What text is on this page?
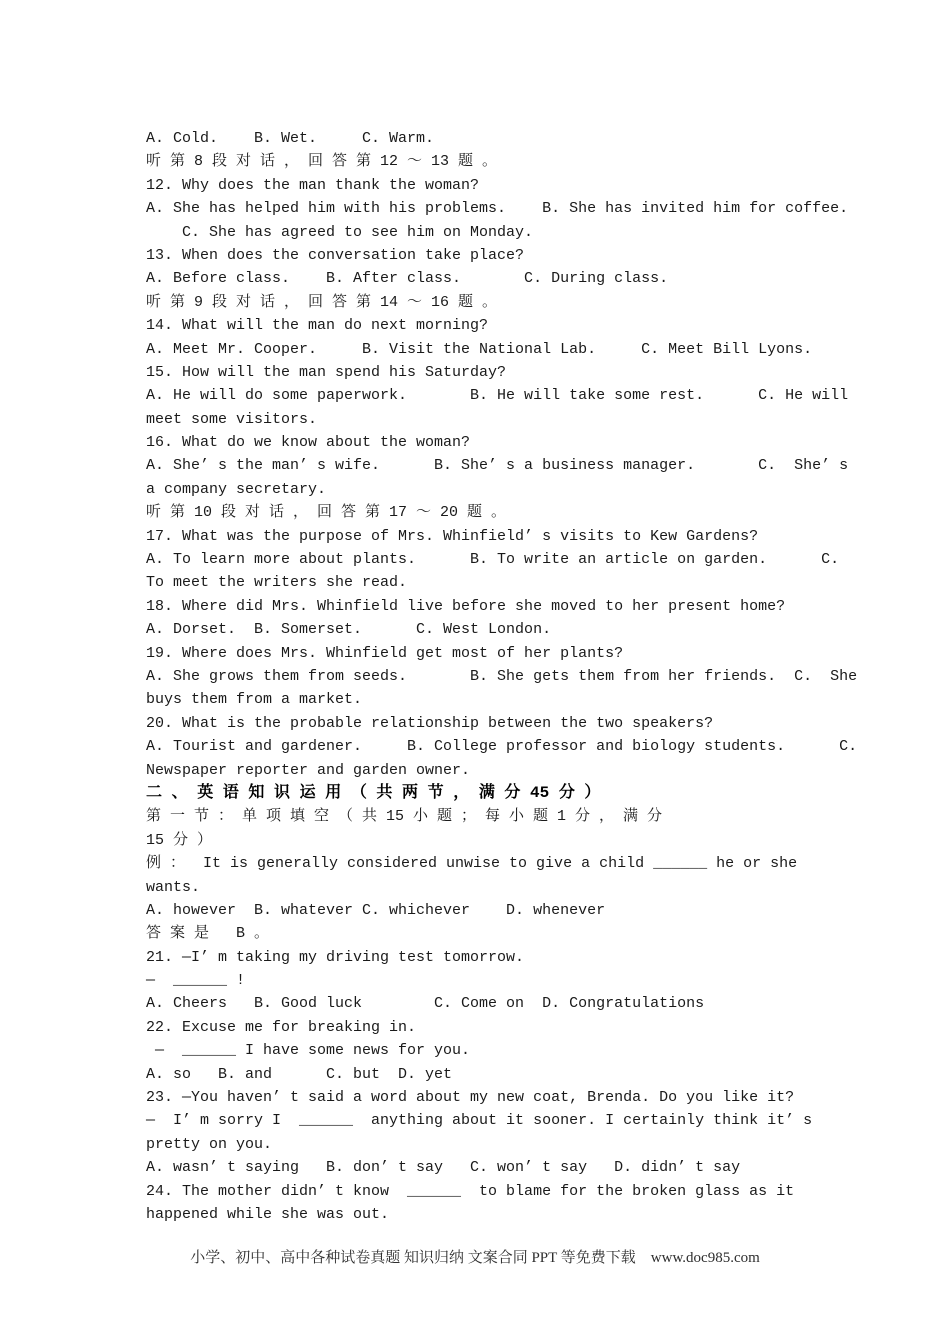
A. Cold.    B. Wet.     C. Warm.
听 第 8 段 对 话 ， 回 答 第 12 ～ 13 题 。
12. Why does the man thank the woman?
A. She has helped him with his problems.    B. She has invited him for coffee.
C. She has agreed to see him on Monday.
13. When does the conversation take place?
A. Before class.    B. After class.       C. During class.
听 第 9 段 对 话 ， 回 答 第 14 ～ 16 题 。
14. What will the man do next morning?
A. Meet Mr. Cooper.     B. Visit the National Lab.     C. Meet Bill Lyons.
15. How will the man spend his Saturday?
A. He will do some paperwork.       B. He will take some rest.      C. He will
meet some visitors.
16. What do we know about the woman?
A. She’ s the man’ s wife.      B. She’ s a business manager.       C.  She’ s
a company secretary.
听 第 10 段 对 话 ， 回 答 第 17 ～ 20 题 。
17. What was the purpose of Mrs. Whinfield’ s visits to Kew Gardens?
A. To learn more about plants.      B. To write an article on garden.      C.
To meet the writers she read.
18. Where did Mrs. Whinfield live before she moved to her present home?
A. Dorset.  B. Somerset.      C. West London.
19. Where does Mrs. Whinfield get most of her plants?
A. She grows them from seeds.       B. She gets them from her friends.  C.  She
buys them from a market.
20. What is the probable relationship between the two speakers?
A. Tourist and gardener.     B. College professor and biology students.      C.
Newspaper reporter and garden owner.
二 、 英 语 知 识 运 用 （ 共 两 节 ， 满 分 45 分 ）
第 一 节 ： 单 项 填 空 （ 共 15 小 题 ； 每 小 题 1 分 ， 满 分
15 分 ）
例 ：  It is generally considered unwise to give a child ______ he or she
wants.
A. however  B. whatever C. whichever    D. whenever
答 案 是   B 。
21. —I’ m taking my driving test tomorrow.
—  ______ !
A. Cheers   B. Good luck        C. Come on  D. Congratulations
22. Excuse me for breaking in.
—  ______ I have some news for you.
A. so   B. and      C. but  D. yet
23. —You haven’ t said a word about my new coat, Brenda. Do you like it?
—  I’ m sorry I  ______  anything about it sooner. I certainly think it’ s
pretty on you.
A. wasn’ t saying   B. don’ t say   C. won’ t say   D. didn’ t say
24. The mother didn’ t know  ______  to blame for the broken glass as it
happened while she was out.
小学、初中、高中各种试卷真题 知识归纳 文案合同 PPT 等免费下载 www.doc985.com
